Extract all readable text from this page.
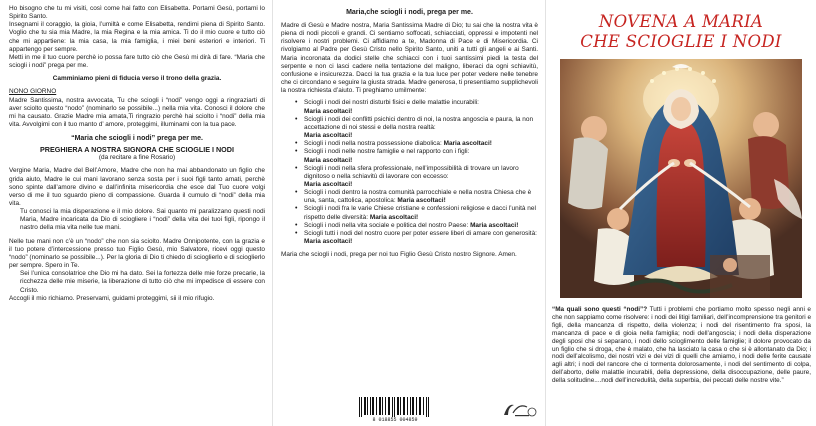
Ho bisogno che tu mi visiti, così come hai fatto con Elisabetta. Portami Gesù, portami lo Spirito Santo.

Insegnami il coraggio, la gioia, l’umiltà e come Elisabetta, rendimi piena di Spirito Santo. Voglio che tu sia mia Madre, la mia Regina e la mia amica. Ti do il mio cuore e tutto ciò che mi appartiene: la mia casa, la mia famiglia, i miei beni esteriori e interiori. Ti appartengo per sempre.

Metti in me il tuo cuore perchè io possa fare tutto ciò che Gesù mi dirà di fare. “Maria che sciogli i nodi” prega per me.

Camminiamo pieni di fiducia verso il trono della grazia.

NONO GIORNO

Madre Santissima, nostra avvocata, Tu che sciogli i “nodi” vengo oggi a ringraziarti di aver sciolto questo “nodo” (nominarlo se possibile...) nella mia vita. Conosci il dolore che mi ha causato. Grazie Madre mia amata,Ti ringrazio perchè hai sciolto i “nodi” della mia vita. Avvolgimi con il tuo manto d’ amore, proteggimi, illuminami con la tua pace.

“Maria che sciogli i nodi” prega per me.

PREGHIERA A NOSTRA SIGNORA CHE SCIOGLIE I NODI

(da recitare a fine Rosario)

Vergine Maria, Madre del Bell’Amore, Madre che non ha mai abbandonato un figlio che grida aiuto, Madre le cui mani lavorano senza sosta per i suoi figli tanto amati, perchè sono spinte dall’amore divino e dall’infinita misericordia che esce dal Tuo cuore volgi verso di me il tuo sguardo pieno di compassione. Guarda il cumulo di “nodi” della mia vita.

Tu conosci la mia disperazione e il mio dolore. Sai quanto mi paralizzano questi nodi Maria, Madre incaricata da Dio di sciogliere i “nodi” della vita dei tuoi figli, ripongo il nastro della mia vita nelle tue mani.

Nelle tue mani non c’è un “nodo” che non sia sciolto. Madre Onnipotente, con la grazia e il tuo potere d’intercessione presso tuo Figlio Gesù, mio Salvatore, ricevi oggi questo “nodo” (nominarlo se possibile...). Per la gloria di Dio ti chiedo di scioglierlo e di scioglierlo per sempre. Spero in Te.

Sei l’unica consolatrice che Dio mi ha dato. Sei la fortezza delle mie forze precarie, la ricchezza delle mie miserie, la liberazione di tutto ciò che mi impedisce di essere con Cristo.

Accogli il mio richiamo. Preservami, guidami proteggimi, sii il mio rifugio.

Maria,che sciogli i nodi, prega per me.

Madre di Gesù e Madre nostra, Maria Santissima Madre di Dio; tu sai che la nostra vita è piena di nodi piccoli e grandi. Ci sentiamo soffocati, schiacciati, oppressi e impotenti nel risolvere i nostri problemi. Ci affidiamo a te, Madonna di Pace e di Misericordia. Ci rivolgiamo al Padre per Gesù Cristo nello Spirito Santo, uniti a tutti gli angeli e ai Santi. Maria incoronata da dodici stelle che schiacci con i tuoi santissimi piedi la testa del serpente e non ci lasci cadere nella tentazione del maligno, liberaci da ogni schiavitù, confusione e insicurezza. Dacci la tua grazia e la tua luce per poter vedere nelle tenebre che ci circondano e seguire la giusta strada. Madre generosa, ti presentiamo supplichevoli la nostra richiesta d’aiuto. Ti preghiamo umilmente:

• Sciogli i nodi dei nostri disturbi fisici e delle malattie incurabili:
Maria ascoltaci!
• Sciogli i nodi dei conflitti psichici dentro di noi, la nostra angoscia e paura, la non accettazione di noi stessi e della nostra realtà:
Maria ascoltaci!
• Sciogli i nodi nella nostra possessione diabolica: Maria ascoltaci!
• Sciogli i nodi nelle nostre famiglie e nel rapporto con i figli:
Maria ascoltaci!
• Sciogli i nodi nella sfera professionale, nell’impossibilità di trovare un lavoro dignitoso o nella schiavitù di lavorare con eccesso:
Maria ascoltaci!
• Sciogli i nodi dentro la nostra comunità parrocchiale e nella nostra Chiesa che è una, santa, cattolica, apostolica: Maria ascoltaci!
• Sciogli i nodi fra le varie Chiese cristiane e confessioni religiose e dacci l’unità nel rispetto delle diversità: Maria ascoltaci!
• Sciogli i nodi nella vita sociale e politica del nostro Paese: Maria ascoltaci!
• Sciogli tutti i nodi del nostro cuore per poter essere liberi di amare con generosità: Maria ascoltaci!

Maria che sciogli i nodi, prega per noi tuo Figlio Gesù Cristo nostro Signore. Amen.

NOVENA A MARIA
CHE SCIOGLIE I NODI

“Ma quali sono questi “nodi”? Tutti i problemi che portiamo molto spesso negli anni e che non sappiamo come risolvere: i nodi dei litigi familiari, dell’incomprensione tra genitori e figli, della mancanza di rispetto, della violenza; i nodi del risentimento fra sposi, la mancanza di pace e di gioia nella famiglia; nodi dell’angoscia; i nodi della disperazione degli sposi che si separano, i nodi dello scioglimento delle famiglie; il dolore provocato da un figlio che si droga, che è malato, che ha lasciato la casa o che si è allontanato da Dio; i nodi dell’alcolismo, dei nostri vizi e dei vizi di quelli che amiamo, i nodi delle ferite causate agli altri; i nodi del rancore che ci tormenta dolorosamente, i nodi del sentimento di colpa, dell’aborto, delle malattie incurabili, della depressione, della disoccupazione, delle paure, della solitudine....nodi dell’incredulità, della superbia, dei peccati delle nostre vite.”

8 018855 004859
